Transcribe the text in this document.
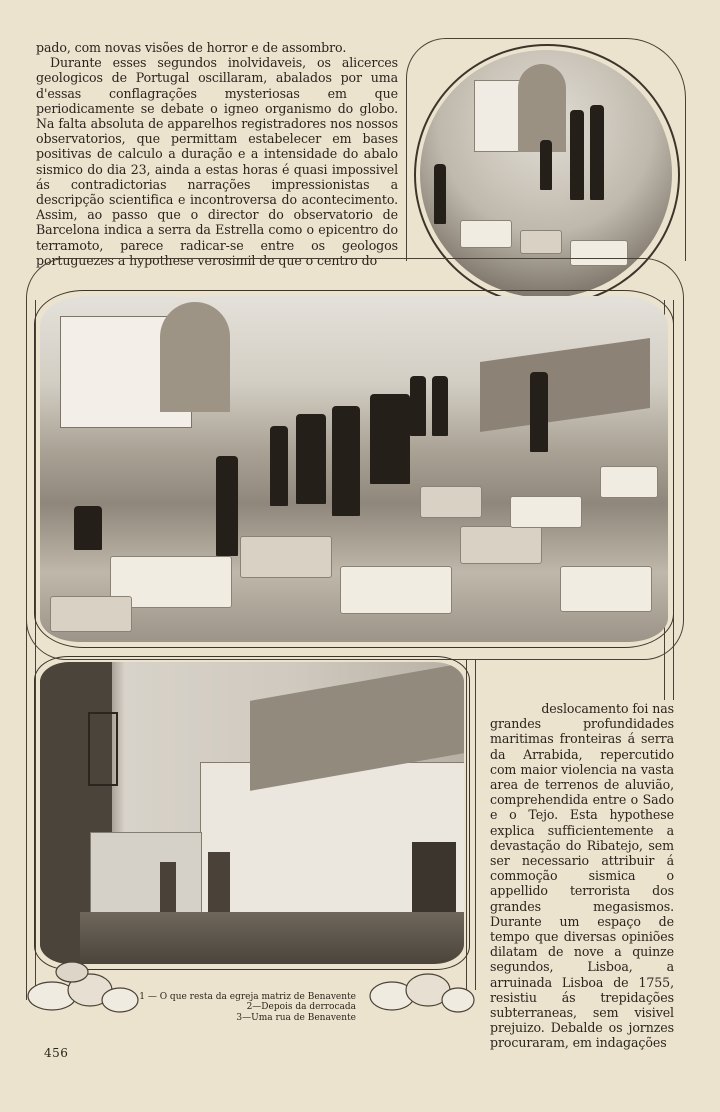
pado, com novas visões de horror e de assombro.

Durante esses segundos inolvidaveis, os alicerces geologicos de Portugal oscillaram, abalados por uma d'essas conflagrações mysteriosas em que periodicamente se debate o igneo organismo do globo. Na falta absoluta de apparelhos registradores nos nossos observatorios, que permittam estabelecer em bases positivas de calculo a duração e a intensidade do abalo sismico do dia 23, ainda a estas horas é quasi impossivel ás contradictorias narrações impressionistas a descripção scientifica e incontroversa do acontecimento. Assim, ao passo que o director do observatorio de Barcelona indica a serra da Estrella como o epicentro do terramoto, parece radicar-se entre os geologos portuguezes a hypothese verosimil de que o centro do

1 — O que resta da egreja matriz de Benavente
2—Depois da derrocada
3—Uma rua de Benavente
deslocamento foi nas

grandes profundidades maritimas fronteiras á serra da Arrabida, repercutido com maior violencia na vasta area de terrenos de aluvião, comprehendida entre o Sado e o Tejo. Esta hypothese explica sufficientemente a devastação do Ribatejo, sem ser necessario attribuir á commoção sismica o appellido terrorista dos grandes megasismos. Durante um espaço de tempo que diversas opiniões dilatam de nove a quinze segundos, Lisboa, a arruinada Lisboa de 1755, resistiu ás trepidações subterraneas, sem visivel prejuizo. Debalde os jornzes procuraram, em indagações

456
